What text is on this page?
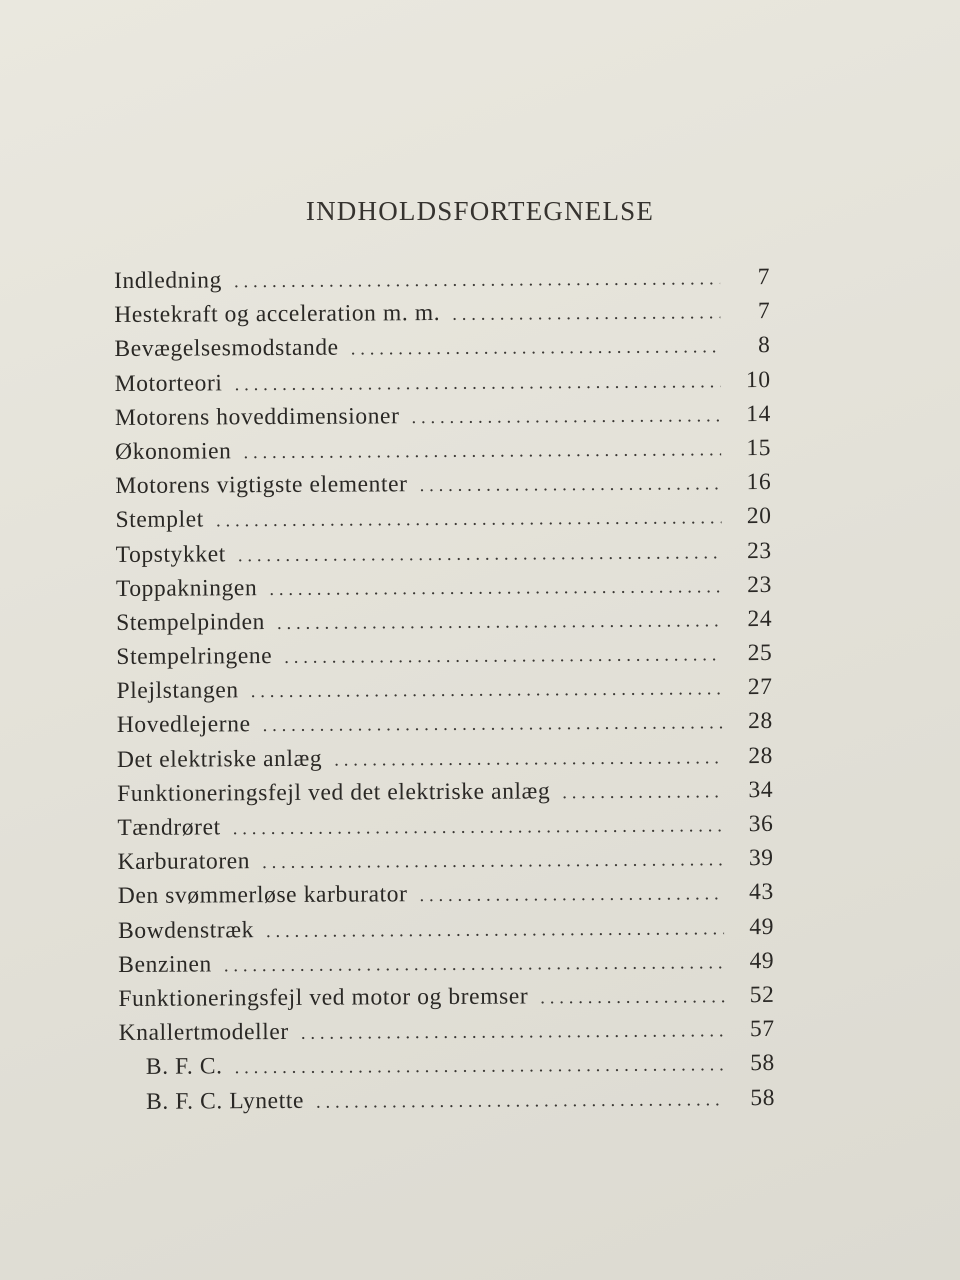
INDHOLDSFORTEGNELSE
Indledning . . .	7
Hestekraft og acceleration m. m. . . .	7
Bevægelsesmodstande . . .	8
Motorteori . . .	10
Motorens hoveddimensioner . . .	14
Økonomien . . .	15
Motorens vigtigste elementer . . .	16
Stemplet . . .	20
Topstykket . . .	23
Toppakningen . . .	23
Stempelpinden . . .	24
Stempelringene . . .	25
Plejlstangen . . .	27
Hovedlejerne . . .	28
Det elektriske anlæg . . .	28
Funktioneringsfejl ved det elektriske anlæg . . .	34
Tændrøret . . .	36
Karburatoren . . .	39
Den svømmerløse karburator . . .	43
Bowdenstræk . . .	49
Benzinen . . .	49
Funktioneringsfejl ved motor og bremser . . .	52
Knallertmodeller . . .	57
B. F. C. . . .	58
B. F. C. Lynette . . .	58
